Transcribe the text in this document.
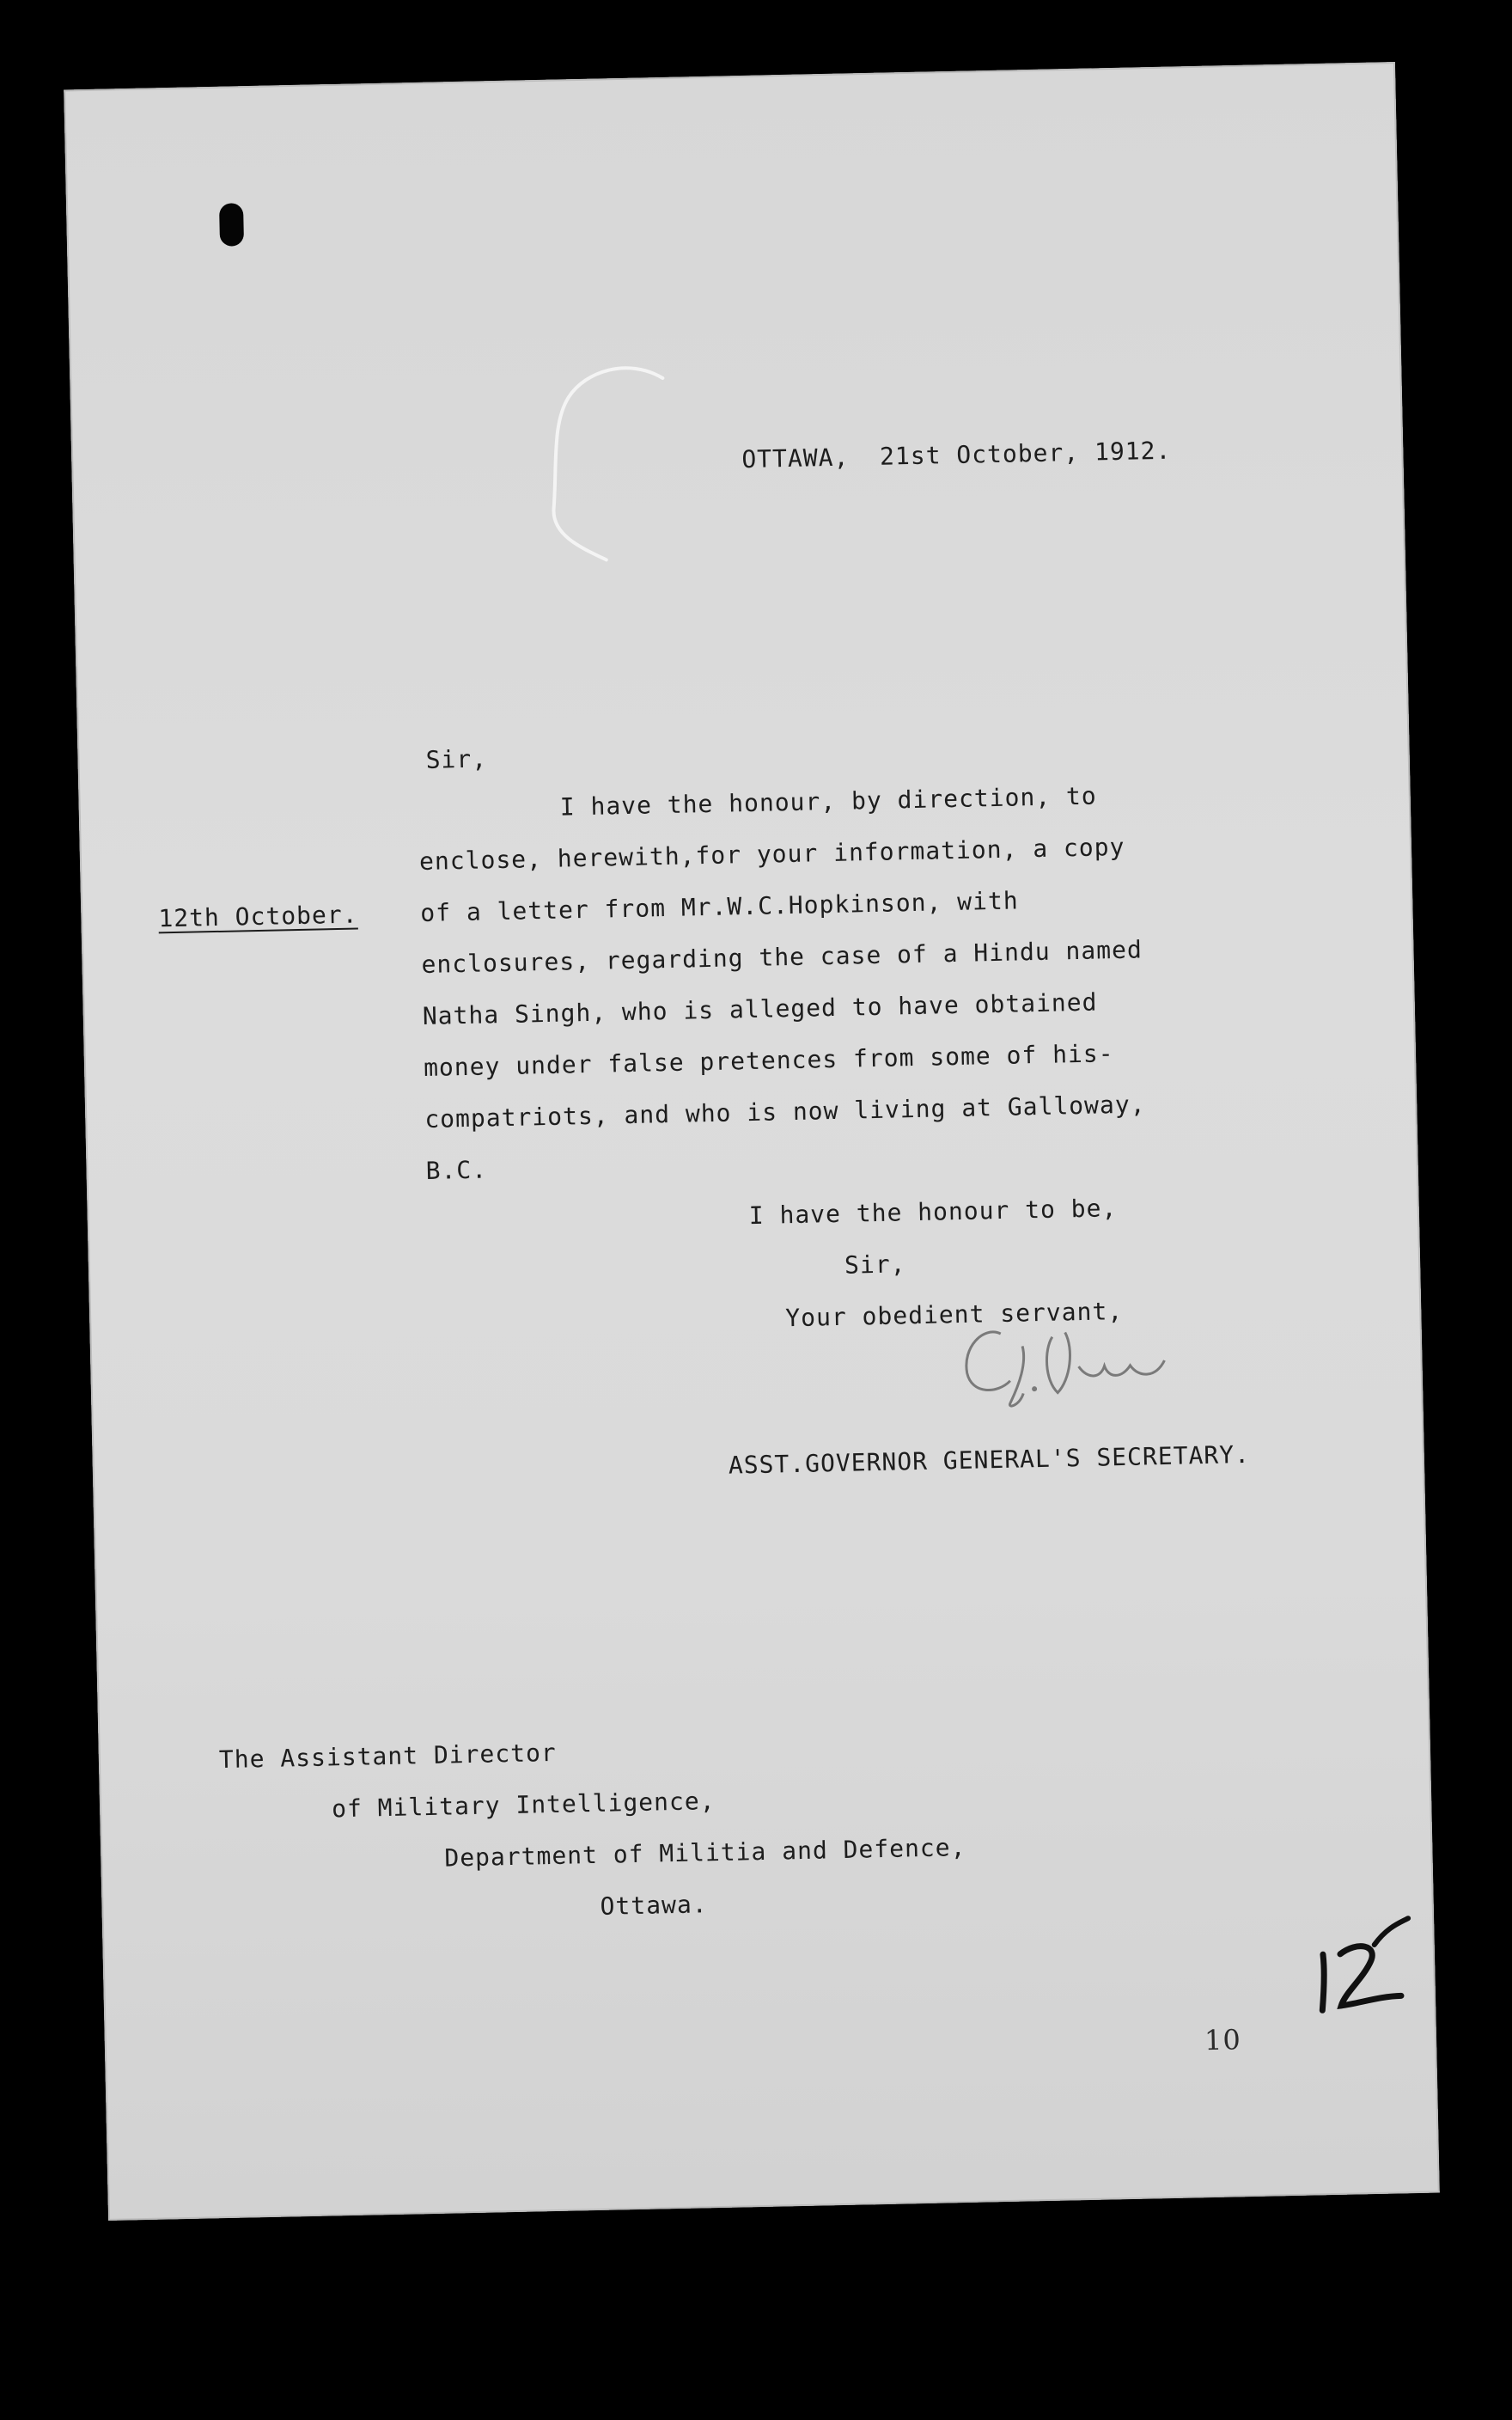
OTTAWA,  21st October, 1912.
Sir,
12th October.
I have the honour, by direction, to
enclose, herewith,for your information, a copy
of a letter from Mr.W.C.Hopkinson, with
enclosures, regarding the case of a Hindu named
Natha Singh, who is alleged to have obtained
money under false pretences from some of his-
compatriots, and who is now living at Galloway,
B.C.
I have the honour to be,
Sir,
Your obedient servant,
ASST.GOVERNOR GENERAL'S SECRETARY.
The Assistant Director
of Military Intelligence,
Department of Militia and Defence,
Ottawa.
10
